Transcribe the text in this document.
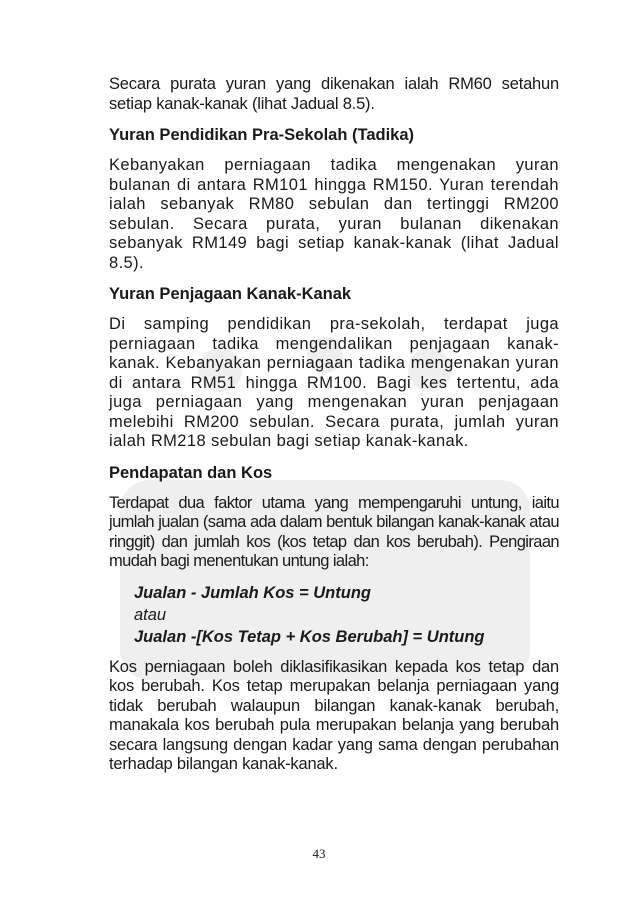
Secara purata yuran yang dikenakan ialah RM60 setahun setiap kanak-kanak (lihat Jadual 8.5).

Yuran Pendidikan Pra-Sekolah (Tadika)

Kebanyakan perniagaan tadika mengenakan yuran bulanan di antara RM101 hingga RM150. Yuran terendah ialah sebanyak RM80 sebulan dan tertinggi RM200 sebulan. Secara purata, yuran bulanan dikenakan sebanyak RM149 bagi setiap kanak-kanak (lihat Jadual 8.5).

Yuran Penjagaan Kanak-Kanak

Di samping pendidikan pra-sekolah, terdapat juga perniagaan tadika mengendalikan penjagaan kanak-kanak. Kebanyakan perniagaan tadika mengenakan yuran di antara RM51 hingga RM100. Bagi kes tertentu, ada juga perniagaan yang mengenakan yuran penjagaan melebihi RM200 sebulan. Secara purata, jumlah yuran ialah RM218 sebulan bagi setiap kanak-kanak.

Pendapatan dan Kos

Terdapat dua faktor utama yang mempengaruhi untung, iaitu jumlah jualan (sama ada dalam bentuk bilangan kanak-kanak atau ringgit) dan jumlah kos (kos tetap dan kos berubah). Pengiraan mudah bagi menentukan untung ialah:

Jualan - Jumlah Kos = Untung
atau
Jualan -[Kos Tetap + Kos Berubah] = Untung

Kos perniagaan boleh diklasifikasikan kepada kos tetap dan kos berubah. Kos tetap merupakan belanja perniagaan yang tidak berubah walaupun bilangan kanak-kanak berubah, manakala kos berubah pula merupakan belanja yang berubah secara langsung dengan kadar yang sama dengan perubahan terhadap bilangan kanak-kanak.

43
